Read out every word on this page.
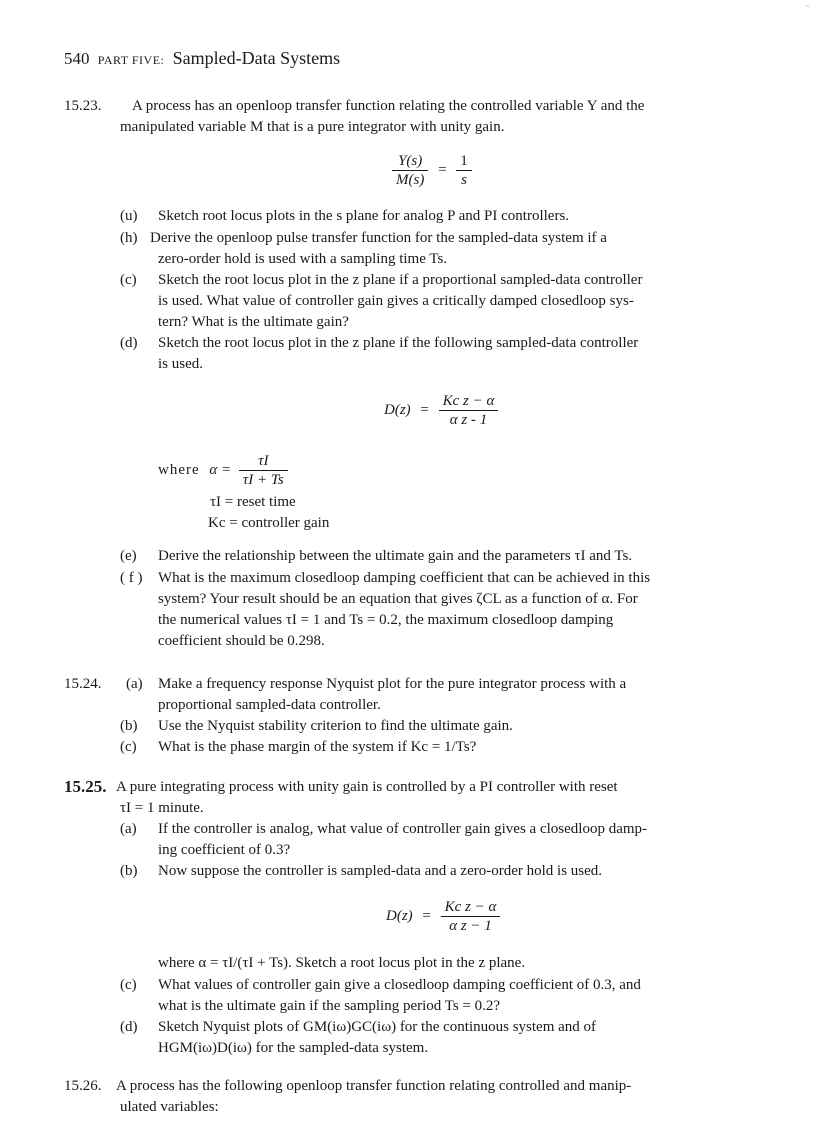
~
540 PART FIVE: Sampled-Data Systems
15.23. A process has an openloop transfer function relating the controlled variable Y and the
manipulated variable M that is a pure integrator with unity gain.
$\frac{Y(s)}{M(s)} = \frac{1}{s}$
(u) Sketch root locus plots in the s plane for analog P and PI controllers.
(h) Derive the openloop pulse transfer function for the sampled-data system if a
zero-order hold is used with a sampling time Ts.
(c) Sketch the root locus plot in the z plane if a proportional sampled-data controller
is used. What value of controller gain gives a critically damped closedloop sys-
tern? What is the ultimate gain?
(d) Sketch the root locus plot in the z plane if the following sampled-data controller
is used.
$D(z) = \frac{\text{Kc z − α}}{\text{α z - 1}}$
where $\alpha = \frac{\tau I}{\tau I + Ts}$
τI = reset time
Kc = controller gain
(e) Derive the relationship between the ultimate gain and the parameters τI and Ts.
( f ) What is the maximum closedloop damping coefficient that can be achieved in this
system? Your result should be an equation that gives ζCL as a function of α. For
the numerical values τI = 1 and Ts = 0.2, the maximum closedloop damping
coefficient should be 0.298.
15.24. (a) Make a frequency response Nyquist plot for the pure integrator process with a
proportional sampled-data controller.
(b) Use the Nyquist stability criterion to find the ultimate gain.
(c) What is the phase margin of the system if Kc = 1/Ts?
15.25. A pure integrating process with unity gain is controlled by a PI controller with reset
τI = 1 minute.
(a) If the controller is analog, what value of controller gain gives a closedloop damp-
ing coefficient of 0.3?
(b) Now suppose the controller is sampled-data and a zero-order hold is used.
$D(z) = \frac{\text{Kc z − α}}{\text{α z − 1}}$
where α = τI/(τI + Ts). Sketch a root locus plot in the z plane.
(c) What values of controller gain give a closedloop damping coefficient of 0.3, and
what is the ultimate gain if the sampling period Ts = 0.2?
(d) Sketch Nyquist plots of GM(iω)GC(iω) for the continuous system and of
HGM(iω)D(iω) for the sampled-data system.
15.26. A process has the following openloop transfer function relating controlled and manip-
ulated variables:
